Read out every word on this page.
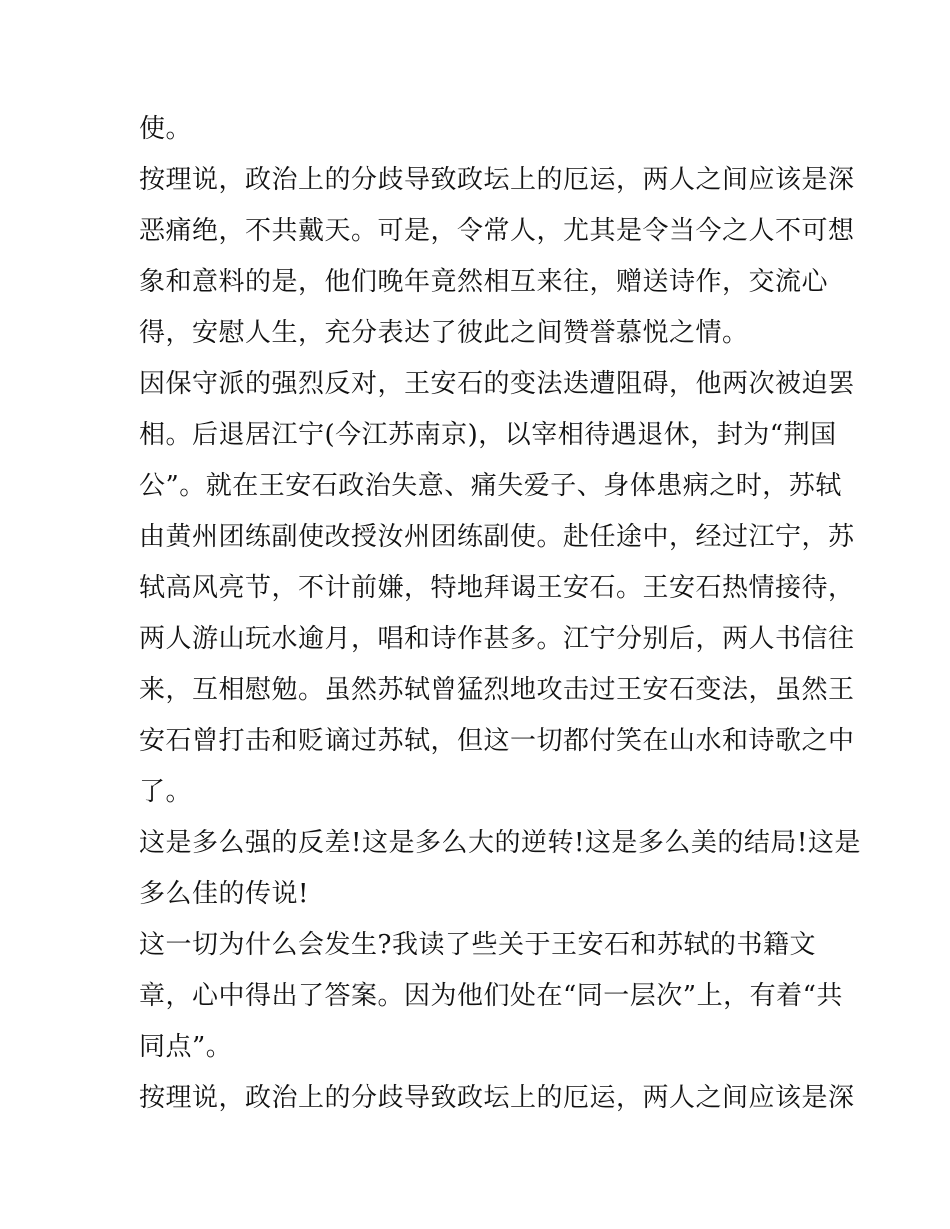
使。
按理说，政治上的分歧导致政坛上的厄运，两人之间应该是深
恶痛绝，不共戴天。可是，令常人，尤其是令当今之人不可想
象和意料的是，他们晚年竟然相互来往，赠送诗作，交流心
得，安慰人生，充分表达了彼此之间赞誉慕悦之情。
因保守派的强烈反对，王安石的变法迭遭阻碍，他两次被迫罢
相。后退居江宁(今江苏南京)，以宰相待遇退休，封为“荆国
公”。就在王安石政治失意、痛失爱子、身体患病之时，苏轼
由黄州团练副使改授汝州团练副使。赴任途中，经过江宁，苏
轼高风亮节，不计前嫌，特地拜谒王安石。王安石热情接待，
两人游山玩水逾月，唱和诗作甚多。江宁分别后，两人书信往
来，互相慰勉。虽然苏轼曾猛烈地攻击过王安石变法，虽然王
安石曾打击和贬谪过苏轼，但这一切都付笑在山水和诗歌之中
了。
这是多么强的反差!这是多么大的逆转!这是多么美的结局!这是
多么佳的传说!
这一切为什么会发生?我读了些关于王安石和苏轼的书籍文
章，心中得出了答案。因为他们处在“同一层次”上，有着“共
同点”。
按理说，政治上的分歧导致政坛上的厄运，两人之间应该是深
